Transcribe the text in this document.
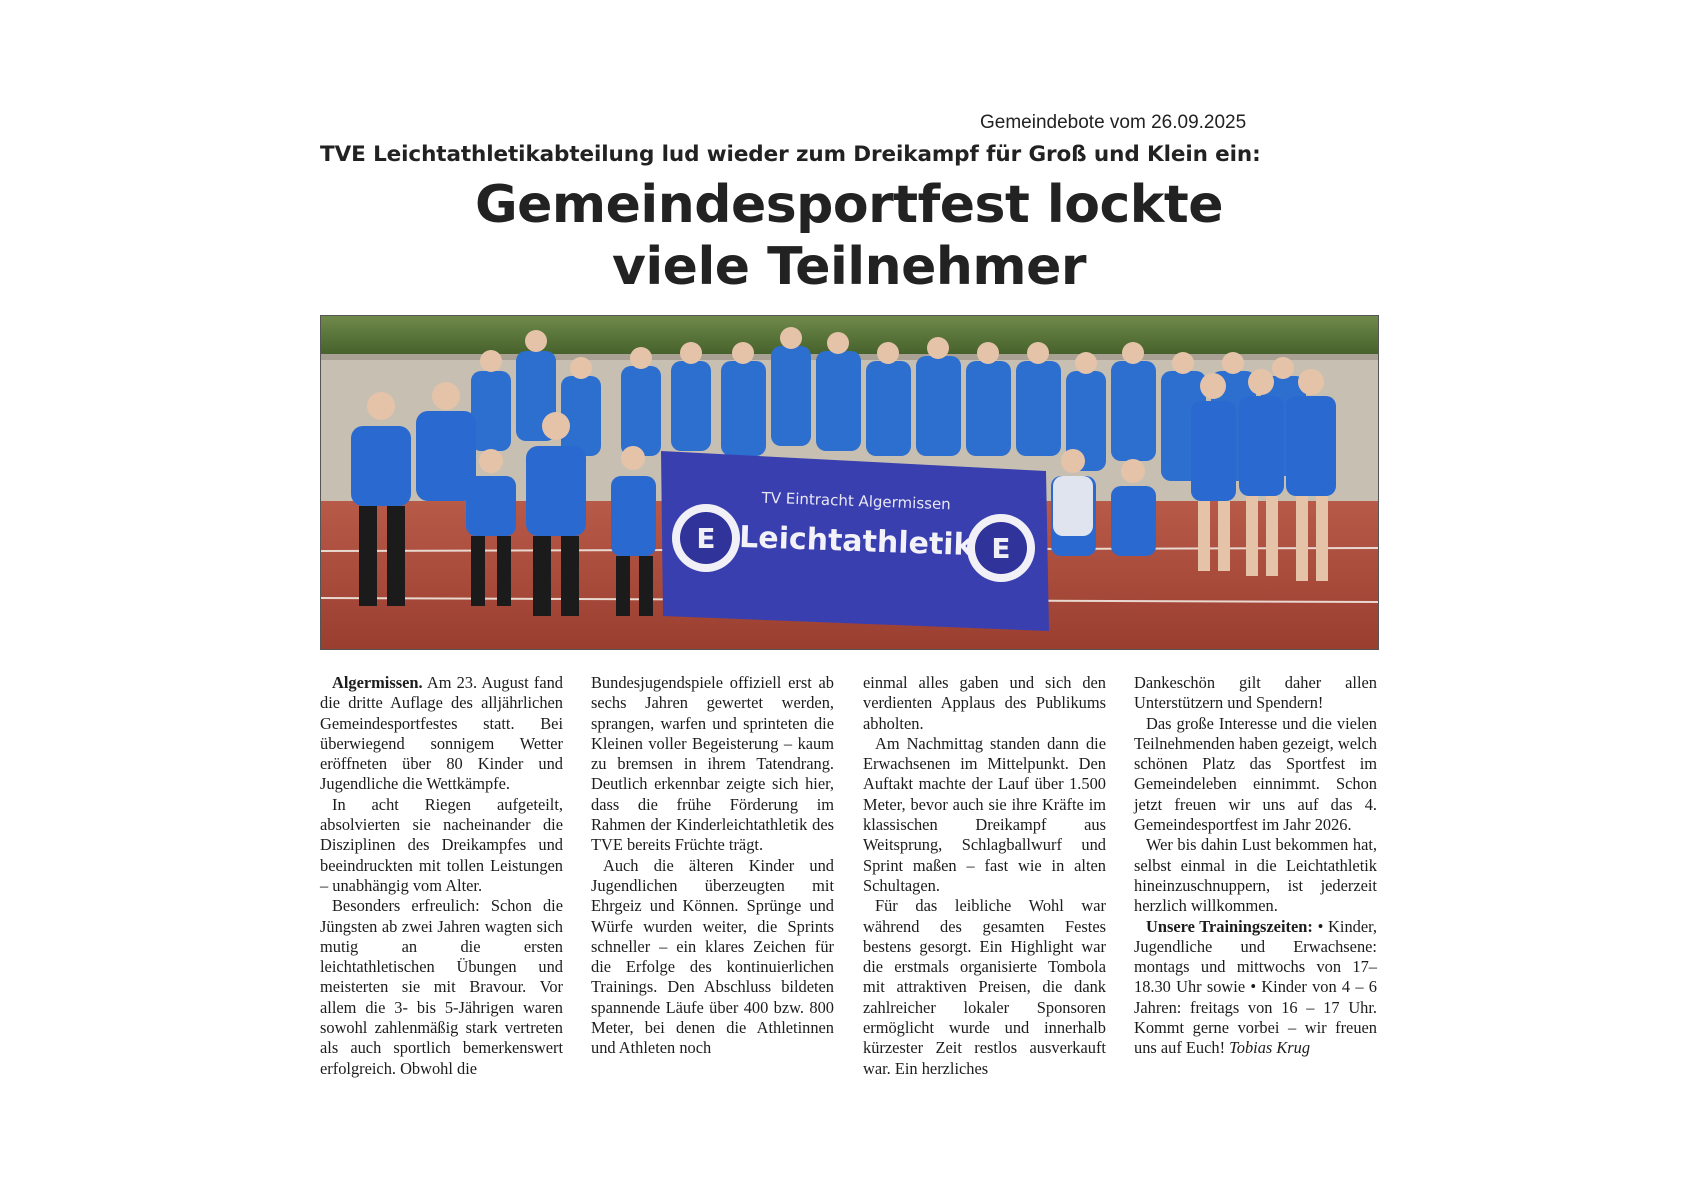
Gemeindebote vom 26.09.2025
TVE Leichtathletikabteilung lud wieder zum Dreikampf für Groß und Klein ein:
Gemeindesportfest lockte
viele Teilnehmer
E	E
TV Eintracht Algermissen
Leichtathletik

Algermissen. Am 23. August fand die dritte Auflage des alljährlichen Gemeindesportfestes statt. Bei überwiegend sonnigem Wetter eröffneten über 80 Kinder und Jugendliche die Wettkämpfe.

In acht Riegen aufgeteilt, absolvierten sie nacheinander die Disziplinen des Dreikampfes und beeindruckten mit tollen Leistungen – unabhängig vom Alter.

Besonders erfreulich: Schon die Jüngsten ab zwei Jahren wagten sich mutig an die ersten leichtathletischen Übungen und meisterten sie mit Bravour. Vor allem die 3- bis 5-Jährigen waren sowohl zahlenmäßig stark vertreten als auch sportlich bemerkenswert erfolgreich. Obwohl die

Bundesjugendspiele offiziell erst ab sechs Jahren gewertet werden, sprangen, warfen und sprinteten die Kleinen voller Begeisterung – kaum zu bremsen in ihrem Tatendrang. Deutlich erkennbar zeigte sich hier, dass die frühe Förderung im Rahmen der Kinderleichtathletik des TVE bereits Früchte trägt.

Auch die älteren Kinder und Jugendlichen überzeugten mit Ehrgeiz und Können. Sprünge und Würfe wurden weiter, die Sprints schneller – ein klares Zeichen für die Erfolge des kontinuierlichen Trainings. Den Abschluss bildeten spannende Läufe über 400 bzw. 800 Meter, bei denen die Athletinnen und Athleten noch

einmal alles gaben und sich den verdienten Applaus des Publikums abholten.

Am Nachmittag standen dann die Erwachsenen im Mittelpunkt. Den Auftakt machte der Lauf über 1.500 Meter, bevor auch sie ihre Kräfte im klassischen Dreikampf aus Weitsprung, Schlagballwurf und Sprint maßen – fast wie in alten Schultagen.

Für das leibliche Wohl war während des gesamten Festes bestens gesorgt. Ein Highlight war die erstmals organisierte Tombola mit attraktiven Preisen, die dank zahlreicher lokaler Sponsoren ermöglicht wurde und innerhalb kürzester Zeit restlos ausverkauft war. Ein herzliches

Dankeschön gilt daher allen Unterstützern und Spendern!

Das große Interesse und die vielen Teilnehmenden haben gezeigt, welch schönen Platz das Sportfest im Gemeindeleben einnimmt. Schon jetzt freuen wir uns auf das 4. Gemeindesportfest im Jahr 2026.

Wer bis dahin Lust bekommen hat, selbst einmal in die Leichtathletik hineinzuschnuppern, ist jederzeit herzlich willkommen.

Unsere Trainingszeiten: • Kinder, Jugendliche und Erwachsene: montags und mittwochs von 17–18.30 Uhr sowie • Kinder von 4 – 6 Jahren: freitags von 16 – 17 Uhr. Kommt gerne vorbei – wir freuen uns auf Euch! Tobias Krug
